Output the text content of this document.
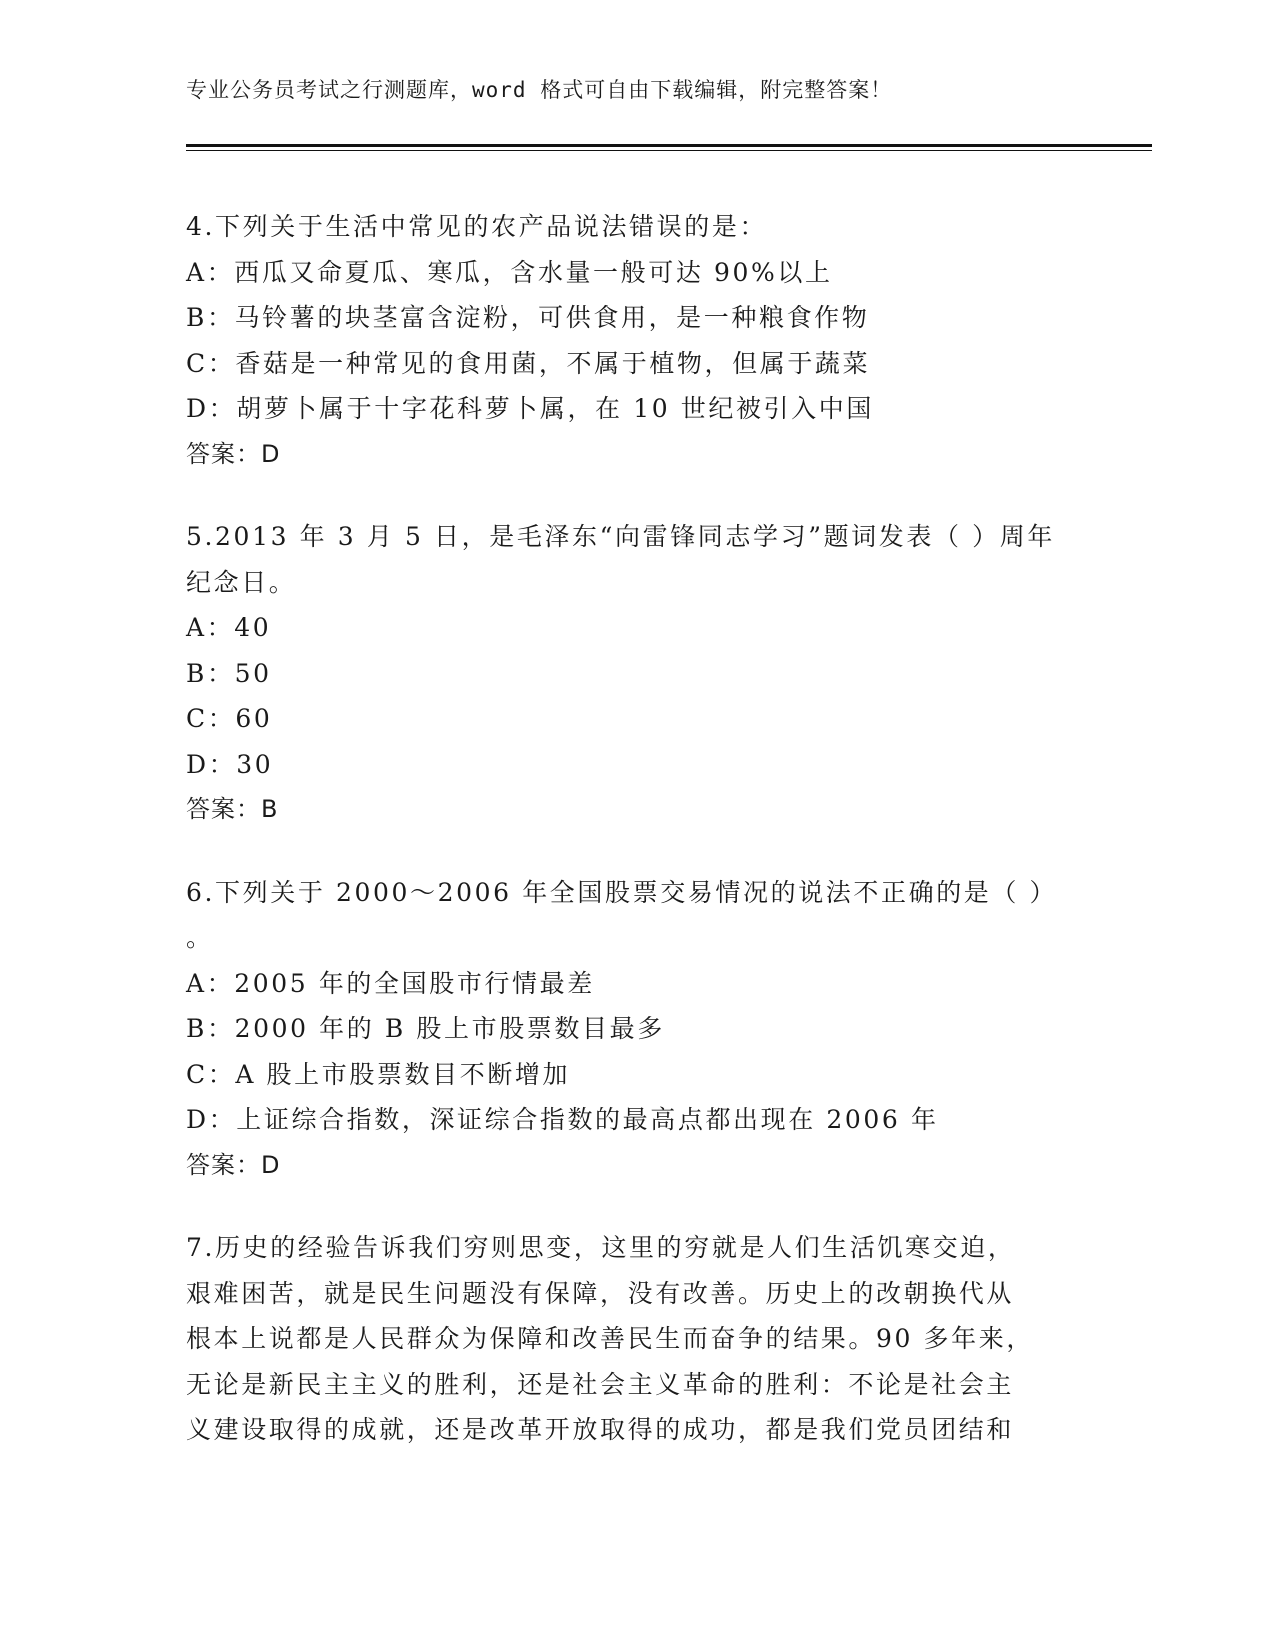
专业公务员考试之行测题库，word 格式可自由下载编辑，附完整答案！
4.下列关于生活中常见的农产品说法错误的是：
A：西瓜又命夏瓜、寒瓜，含水量一般可达 90%以上
B：马铃薯的块茎富含淀粉，可供食用，是一种粮食作物
C：香菇是一种常见的食用菌，不属于植物，但属于蔬菜
D：胡萝卜属于十字花科萝卜属，在 10 世纪被引入中国
答案：D
5.2013 年 3 月 5 日，是毛泽东“向雷锋同志学习”题词发表（ ）周年
纪念日。
A：40
B：50
C：60
D：30
答案：B
6.下列关于 2000～2006 年全国股票交易情况的说法不正确的是（ ）
。
A：2005 年的全国股市行情最差
B：2000 年的 B 股上市股票数目最多
C：A 股上市股票数目不断增加
D：上证综合指数，深证综合指数的最高点都出现在 2006 年
答案：D
7.历史的经验告诉我们穷则思变，这里的穷就是人们生活饥寒交迫，
艰难困苦，就是民生问题没有保障，没有改善。历史上的改朝换代从
根本上说都是人民群众为保障和改善民生而奋争的结果。90 多年来，
无论是新民主主义的胜利，还是社会主义革命的胜利：不论是社会主
义建设取得的成就，还是改革开放取得的成功，都是我们党员团结和
